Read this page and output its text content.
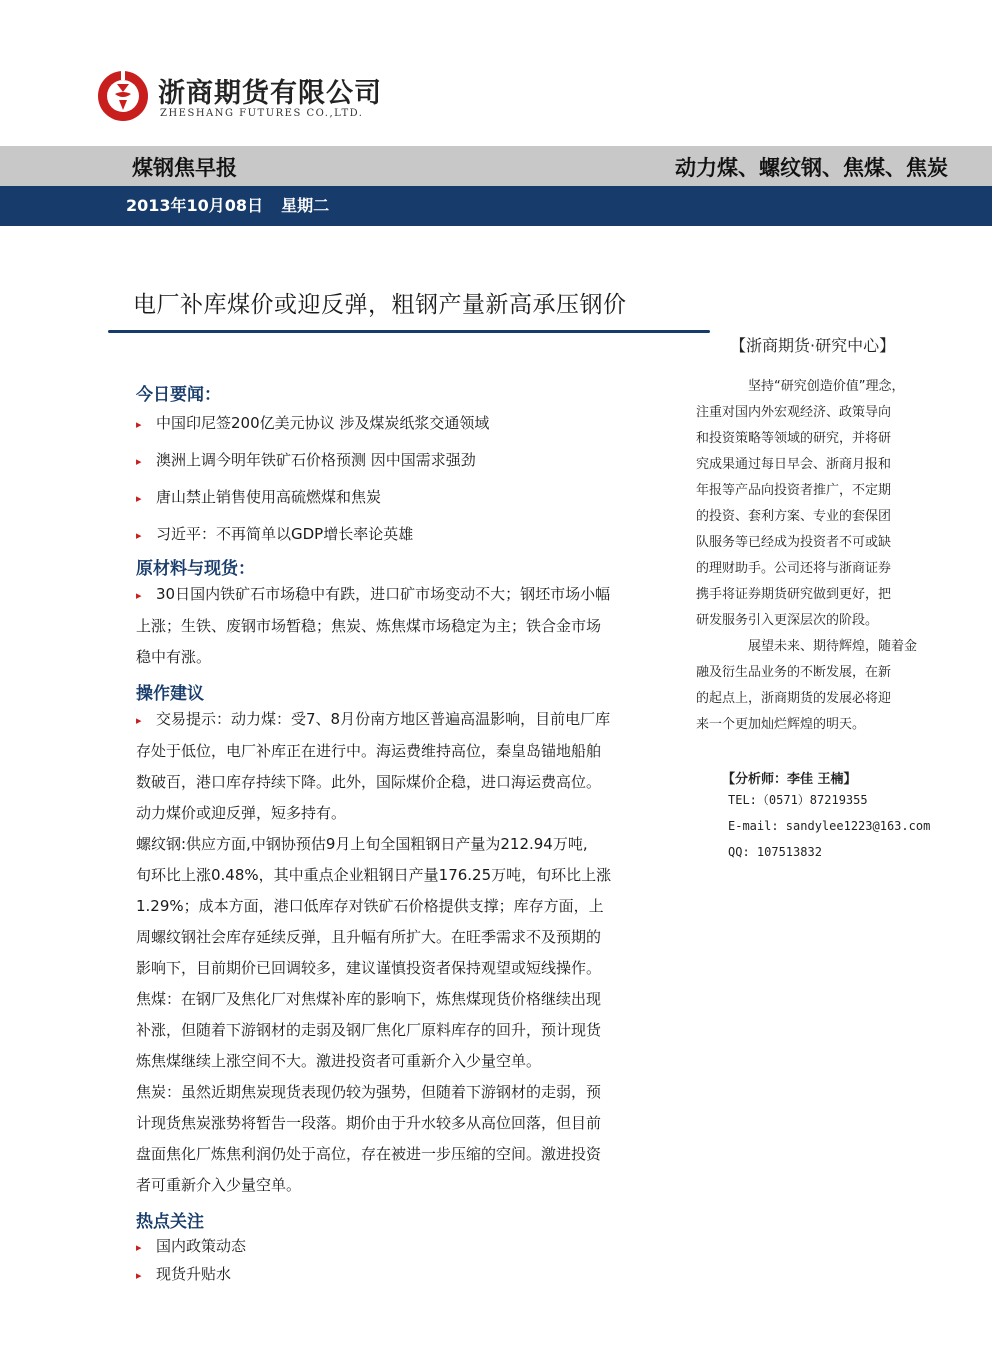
浙商期货有限公司
ZHESHANG FUTURES CO.,LTD.
煤钢焦早报	动力煤、螺纹钢、焦煤、焦炭
2013年10月08日 星期二
电厂补库煤价或迎反弹，粗钢产量新高承压钢价
今日要闻：
▸ 中国印尼签200亿美元协议 涉及煤炭纸浆交通领域
▸ 澳洲上调今明年铁矿石价格预测 因中国需求强劲
▸ 唐山禁止销售使用高硫燃煤和焦炭
▸ 习近平：不再简单以GDP增长率论英雄
原材料与现货：
▸ 30日国内铁矿石市场稳中有跌，进口矿市场变动不大；钢坯市场小幅
上涨；生铁、废钢市场暂稳；焦炭、炼焦煤市场稳定为主；铁合金市场
稳中有涨。
操作建议
▸ 交易提示：动力煤：受7、8月份南方地区普遍高温影响，目前电厂库
存处于低位，电厂补库正在进行中。海运费维持高位，秦皇岛锚地船舶
数破百，港口库存持续下降。此外，国际煤价企稳，进口海运费高位。
动力煤价或迎反弹，短多持有。
螺纹钢:供应方面,中钢协预估9月上旬全国粗钢日产量为212.94万吨,
旬环比上涨0.48%，其中重点企业粗钢日产量176.25万吨，旬环比上涨
1.29%；成本方面，港口低库存对铁矿石价格提供支撑；库存方面，上
周螺纹钢社会库存延续反弹，且升幅有所扩大。在旺季需求不及预期的
影响下，目前期价已回调较多，建议谨慎投资者保持观望或短线操作。
焦煤：在钢厂及焦化厂对焦煤补库的影响下，炼焦煤现货价格继续出现
补涨，但随着下游钢材的走弱及钢厂焦化厂原料库存的回升，预计现货
炼焦煤继续上涨空间不大。激进投资者可重新介入少量空单。
焦炭：虽然近期焦炭现货表现仍较为强势，但随着下游钢材的走弱，预
计现货焦炭涨势将暂告一段落。期价由于升水较多从高位回落，但目前
盘面焦化厂炼焦利润仍处于高位，存在被进一步压缩的空间。激进投资
者可重新介入少量空单。
热点关注
▸ 国内政策动态
▸ 现货升贴水
【浙商期货·研究中心】

坚持“研究创造价值”理念，
注重对国内外宏观经济、政策导向
和投资策略等领域的研究，并将研
究成果通过每日早会、浙商月报和
年报等产品向投资者推广，不定期
的投资、套利方案、专业的套保团
队服务等已经成为投资者不可或缺
的理财助手。公司还将与浙商证券
携手将证券期货研究做到更好，把
研发服务引入更深层次的阶段。

展望未来、期待辉煌，随着金
融及衍生品业务的不断发展，在新
的起点上，浙商期货的发展必将迎
来一个更加灿烂辉煌的明天。

【分析师：李佳 王楠】
TEL:（0571）87219355
E-mail: sandylee1223@163.com
QQ: 107513832
